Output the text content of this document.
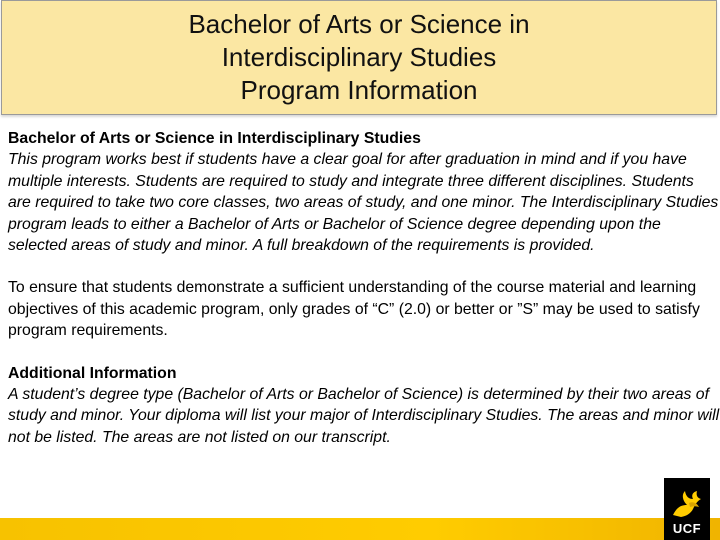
Bachelor of Arts or Science in
Interdisciplinary Studies
Program Information

Bachelor of Arts or Science in Interdisciplinary Studies

This program works best if students have a clear goal for after graduation in mind and if you have multiple interests. Students are required to study and integrate three different disciplines. Students are required to take two core classes, two areas of study, and one minor. The Interdisciplinary Studies program leads to either a Bachelor of Arts or Bachelor of Science degree depending upon the selected areas of study and minor. A full breakdown of the requirements is provided.

To ensure that students demonstrate a sufficient understanding of the course material and learning objectives of this academic program, only grades of “C” (2.0) or better or ”S” may be used to satisfy program requirements.

Additional Information

A student’s degree type (Bachelor of Arts or Bachelor of Science) is determined by their two areas of study and minor. Your diploma will list your major of Interdisciplinary Studies. The areas and minor will not be listed. The areas are not listed on our transcript.

UCF
